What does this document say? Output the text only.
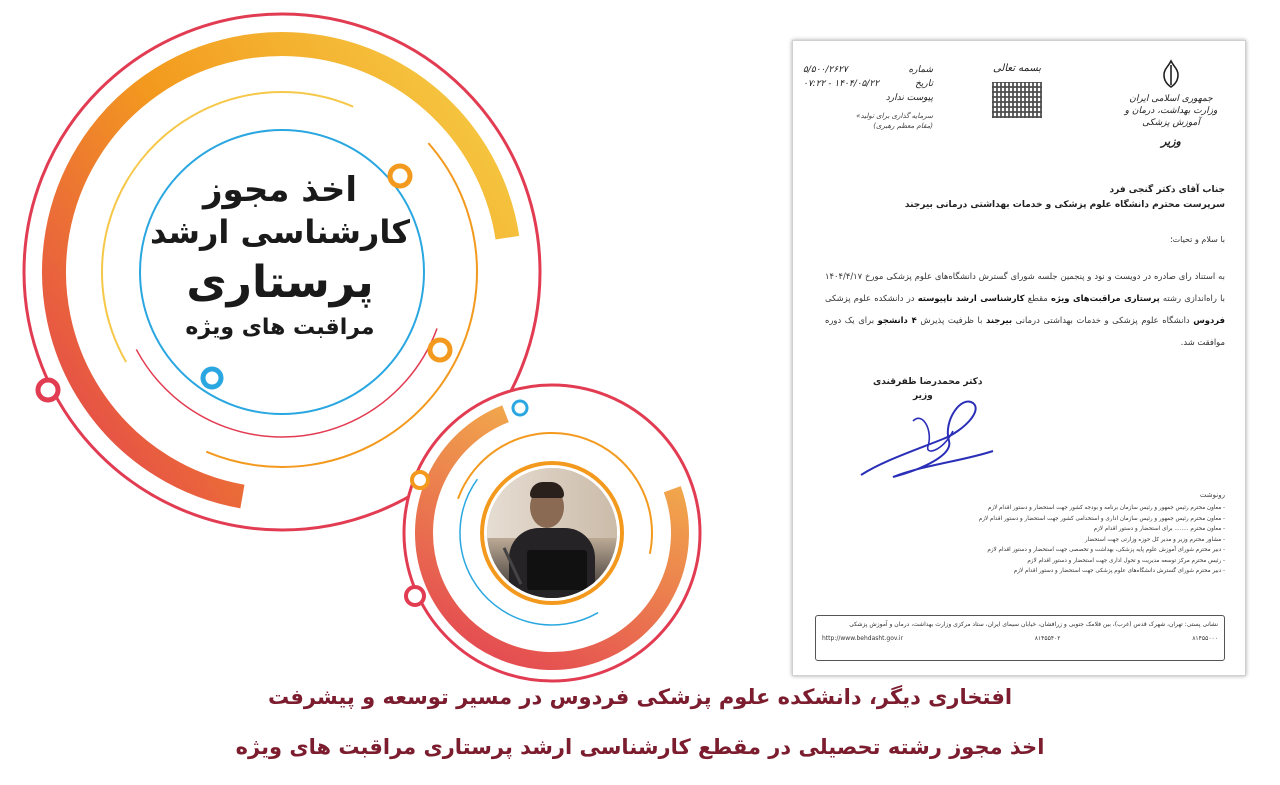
اخذ مجوز
کارشناسی ارشد
پرستاری
مراقبت های ویژه
جمهوری اسلامی ایران
وزارت بهداشت، درمان و آموزش پزشکی
وزیر
بسمه تعالی
شماره
۵/۵۰۰/۲۶۲۷
تاریخ
۱۴۰۴/۰۵/۲۲ - ۰۷:۲۲
پیوست ندارد
سرمایه گذاری برای تولید»
(مقام معظم رهبری)
جناب آقای دکتر گنجی فرد
سرپرست محترم دانشگاه علوم پزشکی و خدمات بهداشتی درمانی بیرجند
با سلام و تحیات؛
به استناد رای صادره در دویست و نود و پنجمین جلسه شورای گسترش دانشگاه‌های علوم پزشکی مورخ ۱۴۰۴/۴/۱۷ با راه‌اندازی رشته پرستاری مراقبت‌های ویژه مقطع کارشناسی ارشد ناپیوسته در دانشکده علوم پزشکی فردوس دانشگاه علوم پزشکی و خدمات بهداشتی درمانی بیرجند با ظرفیت پذیرش ۴ دانشجو برای یک دوره موافقت شد.
دکتر محمدرضا ظفرقندی
وزیر
رونوشت
- معاون محترم رئیس جمهور و رئیس سازمان برنامه و بودجه کشور جهت استحضار و دستور اقدام لازم
- معاون محترم رئیس جمهور و رئیس سازمان اداری و استخدامی کشور جهت استحضار و دستور اقدام لازم
- معاون محترم ........ برای استحضار و دستور اقدام لازم
- مشاور محترم وزیر و مدیر کل حوزه وزارتی جهت استحضار
- دبیر محترم شورای آموزش علوم پایه پزشکی، بهداشت و تخصصی جهت استحضار و دستور اقدام لازم
- رئیس محترم مرکز توسعه مدیریت و تحول اداری جهت استحضار و دستور اقدام لازم
- دبیر محترم شورای گسترش دانشگاه‌های علوم پزشکی جهت استحضار و دستور اقدام لازم
نشانی پستی: تهران، شهرک قدس (غرب)، بین فلامک جنوبی و زرافشان، خیابان سیمای ایران، ستاد مرکزی وزارت بهداشت، درمان و آموزش پزشکی
http://www.behdasht.gov.ir	۸۱۴۵۵۴۰۲	۸۱۴۵۵۰۰۰
افتخاری دیگر، دانشکده علوم پزشکی فردوس در مسیر توسعه و پیشرفت
اخذ مجوز رشته تحصیلی در مقطع کارشناسی ارشد پرستاری مراقبت های ویژه
